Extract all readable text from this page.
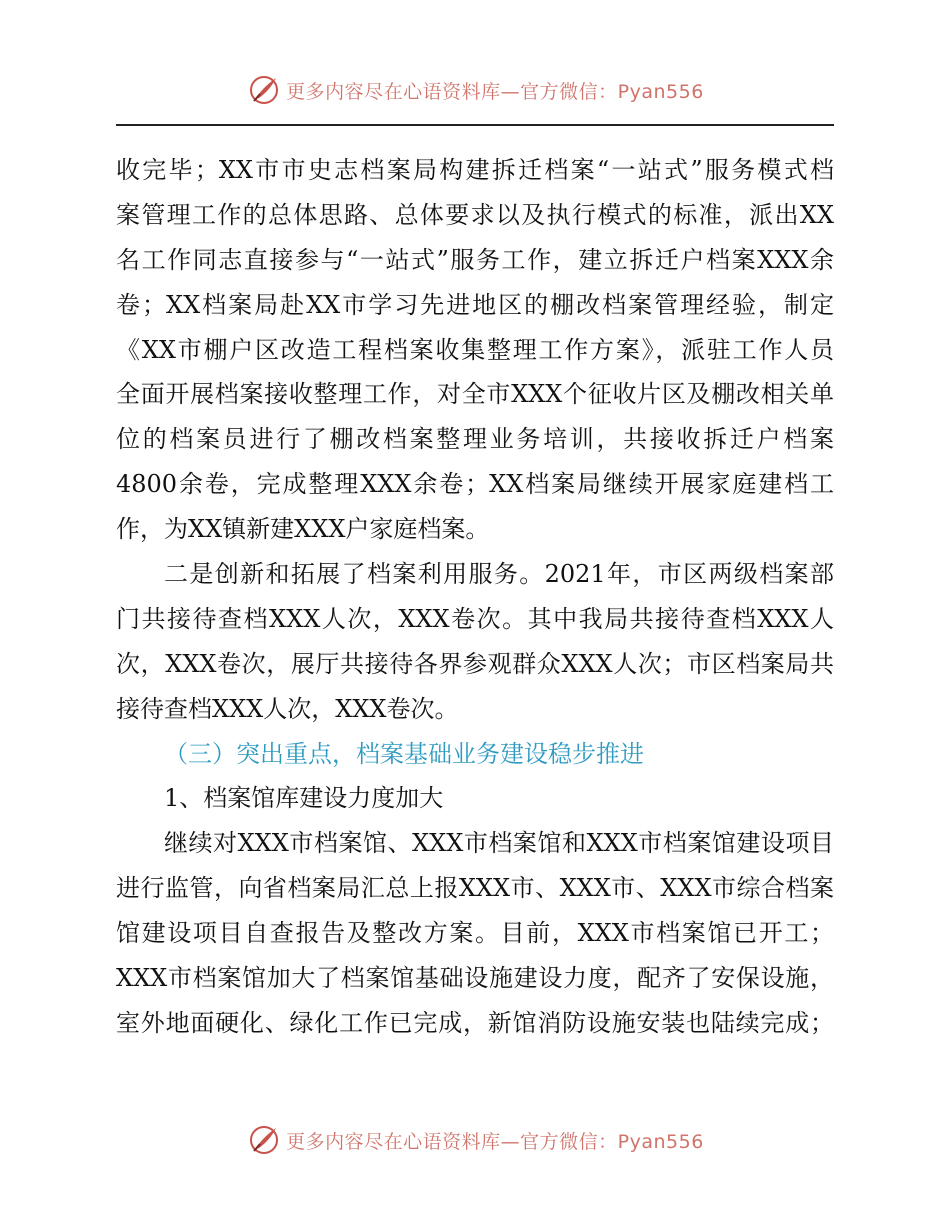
更多内容尽在心语资料库—官方微信：Pyan556
收完毕；XX市市史志档案局构建拆迁档案“一站式”服务模式档
案管理工作的总体思路、总体要求以及执行模式的标准，派出XX
名工作同志直接参与“一站式”服务工作，建立拆迁户档案XXX余
卷；XX档案局赴XX市学习先进地区的棚改档案管理经验，制定
《XX市棚户区改造工程档案收集整理工作方案》，派驻工作人员
全面开展档案接收整理工作，对全市XXX个征收片区及棚改相关单
位的档案员进行了棚改档案整理业务培训，共接收拆迁户档案
4800余卷，完成整理XXX余卷；XX档案局继续开展家庭建档工
作，为XX镇新建XXX户家庭档案。
二是创新和拓展了档案利用服务。2021年，市区两级档案部
门共接待查档XXX人次，XXX卷次。其中我局共接待查档XXX人
次，XXX卷次，展厅共接待各界参观群众XXX人次；市区档案局共
接待查档XXX人次，XXX卷次。
（三）突出重点，档案基础业务建设稳步推进
1、档案馆库建设力度加大
继续对XXX市档案馆、XXX市档案馆和XXX市档案馆建设项目
进行监管，向省档案局汇总上报XXX市、XXX市、XXX市综合档案
馆建设项目自查报告及整改方案。目前，XXX市档案馆已开工；
XXX市档案馆加大了档案馆基础设施建设力度，配齐了安保设施，
室外地面硬化、绿化工作已完成，新馆消防设施安装也陆续完成；
更多内容尽在心语资料库—官方微信：Pyan556
